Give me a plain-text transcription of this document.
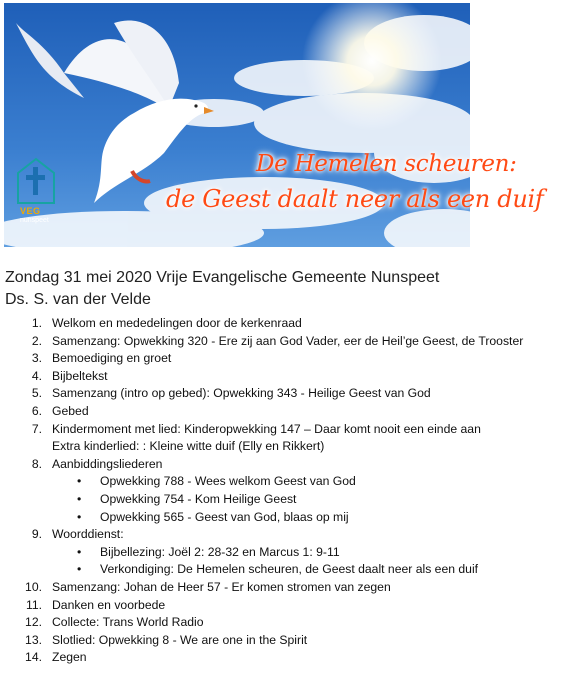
De Hemelen scheuren:
de Geest daalt neer als een duif
VEG
nunspeet
Zondag 31 mei 2020 Vrije Evangelische Gemeente Nunspeet
Ds. S. van der Velde
1. Welkom en mededelingen door de kerkenraad
2. Samenzang: Opwekking 320 - Ere zij aan God Vader, eer de Heil’ge Geest, de Trooster
3. Bemoediging en groet
4. Bijbeltekst
5. Samenzang (intro op gebed): Opwekking 343 - Heilige Geest van God
6. Gebed
7. Kindermoment met lied: Kinderopwekking 147 – Daar komt nooit een einde aan
Extra kinderlied: : Kleine witte duif (Elly en Rikkert)
8. Aanbiddingsliederen
• Opwekking 788 - Wees welkom Geest van God
• Opwekking 754 - Kom Heilige Geest
• Opwekking 565 - Geest van God, blaas op mij
9. Woorddienst:
• Bijbellezing: Joël 2: 28-32 en Marcus 1: 9-11
• Verkondiging: De Hemelen scheuren, de Geest daalt neer als een duif
10. Samenzang: Johan de Heer 57 - Er komen stromen van zegen
11. Danken en voorbede
12. Collecte: Trans World Radio
13. Slotlied: Opwekking 8 - We are one in the Spirit
14. Zegen
